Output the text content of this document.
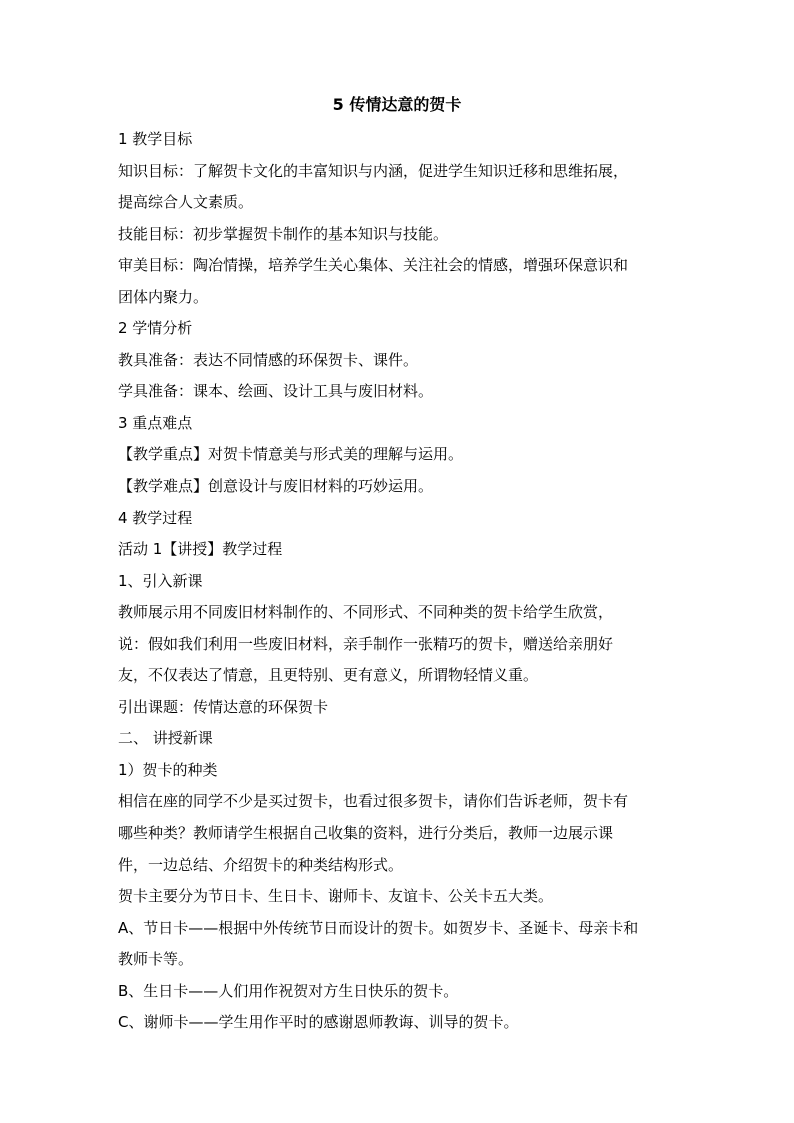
5 传情达意的贺卡
1 教学目标
知识目标：了解贺卡文化的丰富知识与内涵，促进学生知识迁移和思维拓展，
提高综合人文素质。
技能目标：初步掌握贺卡制作的基本知识与技能。
审美目标：陶冶情操，培养学生关心集体、关注社会的情感，增强环保意识和
团体内聚力。
2 学情分析
教具准备：表达不同情感的环保贺卡、课件。
学具准备：课本、绘画、设计工具与废旧材料。
3 重点难点
【教学重点】对贺卡情意美与形式美的理解与运用。
【教学难点】创意设计与废旧材料的巧妙运用。
4 教学过程
活动 1【讲授】教学过程
1、引入新课
教师展示用不同废旧材料制作的、不同形式、不同种类的贺卡给学生欣赏，
说：假如我们利用一些废旧材料，亲手制作一张精巧的贺卡，赠送给亲朋好
友，不仅表达了情意，且更特别、更有意义，所谓物轻情义重。
引出课题：传情达意的环保贺卡
二、 讲授新课
1）贺卡的种类
相信在座的同学不少是买过贺卡，也看过很多贺卡，请你们告诉老师，贺卡有
哪些种类？教师请学生根据自己收集的资料，进行分类后，教师一边展示课
件，一边总结、介绍贺卡的种类结构形式。
贺卡主要分为节日卡、生日卡、谢师卡、友谊卡、公关卡五大类。
A、节日卡——根据中外传统节日而设计的贺卡。如贺岁卡、圣诞卡、母亲卡和
教师卡等。
B、生日卡——人们用作祝贺对方生日快乐的贺卡。
C、谢师卡——学生用作平时的感谢恩师教诲、训导的贺卡。
